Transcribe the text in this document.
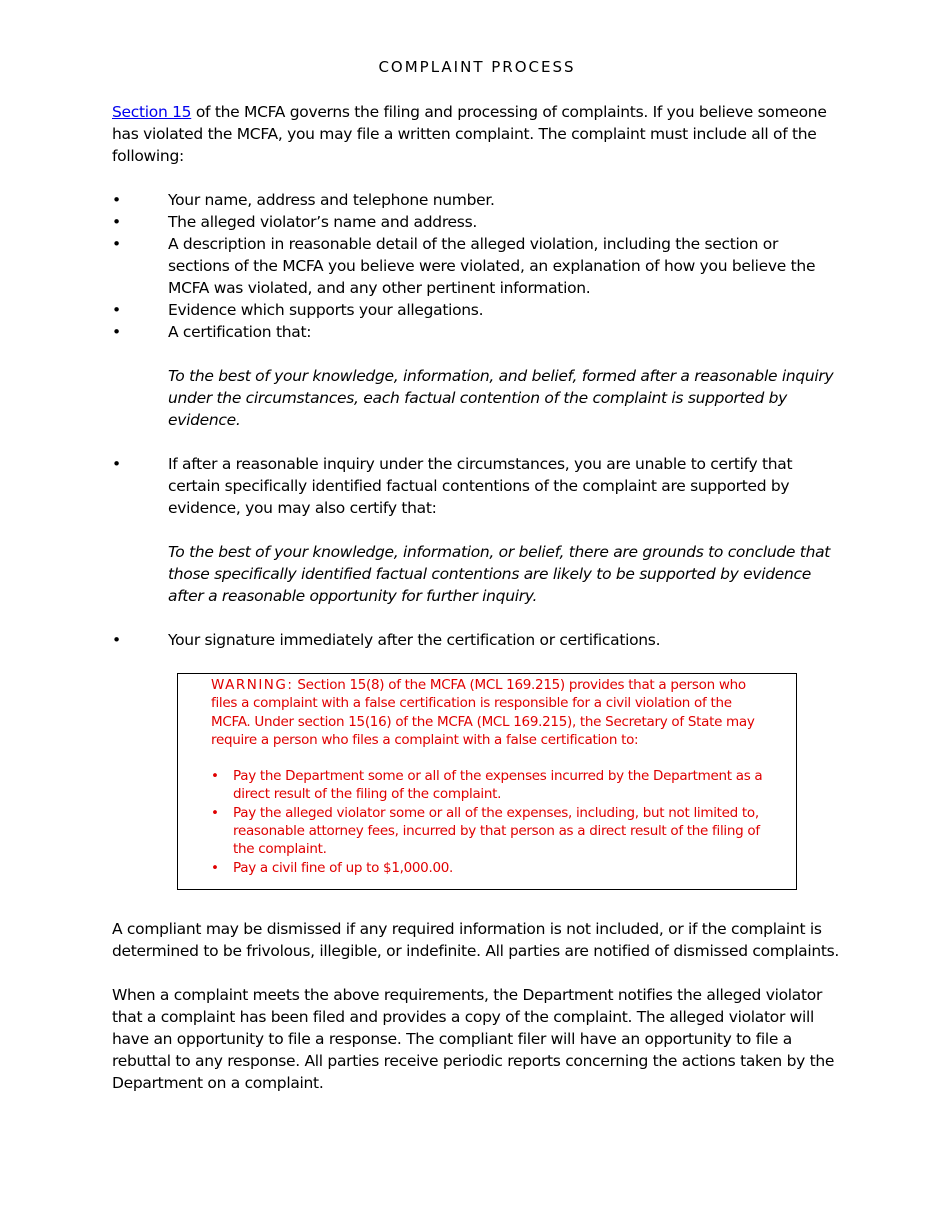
COMPLAINT PROCESS

Section 15 of the MCFA governs the filing and processing of complaints. If you believe someone has violated the MCFA, you may file a written complaint. The complaint must include all of the following:

•	Your name, address and telephone number.
•	The alleged violator’s name and address.
•	A description in reasonable detail of the alleged violation, including the section or sections of the MCFA you believe were violated, an explanation of how you believe the MCFA was violated, and any other pertinent information.
•	Evidence which supports your allegations.
•	A certification that:

To the best of your knowledge, information, and belief, formed after a reasonable inquiry under the circumstances, each factual contention of the complaint is supported by evidence.

•	If after a reasonable inquiry under the circumstances, you are unable to certify that certain specifically identified factual contentions of the complaint are supported by evidence, you may also certify that:

To the best of your knowledge, information, or belief, there are grounds to conclude that those specifically identified factual contentions are likely to be supported by evidence after a reasonable opportunity for further inquiry.

•	Your signature immediately after the certification or certifications.

WARNING: Section 15(8) of the MCFA (MCL 169.215) provides that a person who files a complaint with a false certification is responsible for a civil violation of the MCFA. Under section 15(16) of the MCFA (MCL 169.215), the Secretary of State may require a person who files a complaint with a false certification to:

• Pay the Department some or all of the expenses incurred by the Department as a direct result of the filing of the complaint.
• Pay the alleged violator some or all of the expenses, including, but not limited to, reasonable attorney fees, incurred by that person as a direct result of the filing of the complaint.
• Pay a civil fine of up to $1,000.00.

A compliant may be dismissed if any required information is not included, or if the complaint is determined to be frivolous, illegible, or indefinite. All parties are notified of dismissed complaints.

When a complaint meets the above requirements, the Department notifies the alleged violator that a complaint has been filed and provides a copy of the complaint. The alleged violator will have an opportunity to file a response. The compliant filer will have an opportunity to file a rebuttal to any response. All parties receive periodic reports concerning the actions taken by the Department on a complaint.
